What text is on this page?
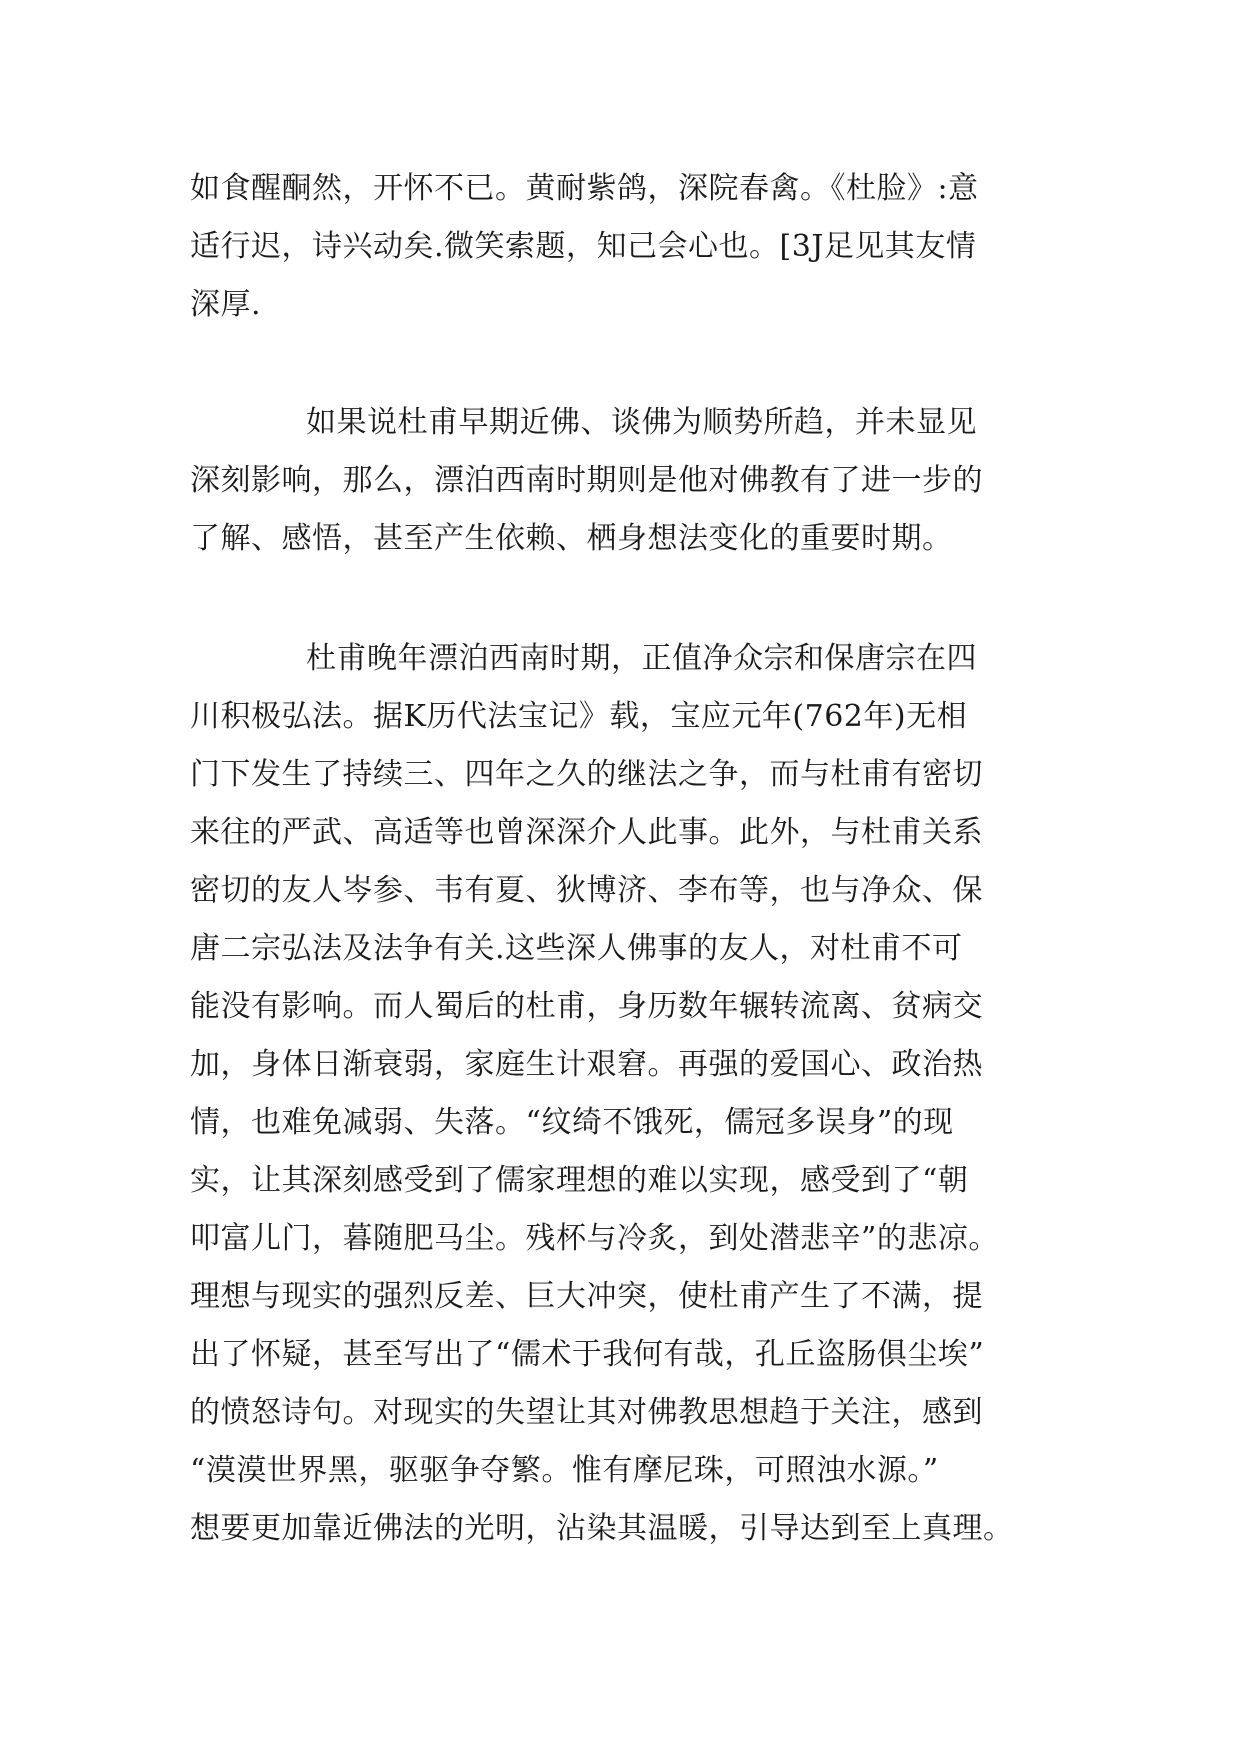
如食醒酮然，开怀不已。黄耐紫鸽，深院春禽。《杜脸》:意
适行迟，诗兴动矣.微笑索题，知己会心也。[3J足见其友情
深厚.
如果说杜甫早期近佛、谈佛为顺势所趋，并未显见
深刻影响，那么，漂泊西南时期则是他对佛教有了进一步的
了解、感悟，甚至产生依赖、栖身想法变化的重要时期。
杜甫晚年漂泊西南时期，正值净众宗和保唐宗在四
川积极弘法。据K历代法宝记》载，宝应元年(762年)无相
门下发生了持续三、四年之久的继法之争，而与杜甫有密切
来往的严武、高适等也曾深深介人此事。此外，与杜甫关系
密切的友人岑参、韦有夏、狄博济、李布等，也与净众、保
唐二宗弘法及法争有关.这些深人佛事的友人，对杜甫不可
能没有影响。而人蜀后的杜甫，身历数年辗转流离、贫病交
加，身体日渐衰弱，家庭生计艰窘。再强的爱国心、政治热
情，也难免减弱、失落。“纹绮不饿死，儒冠多误身”的现
实，让其深刻感受到了儒家理想的难以实现，感受到了“朝
叩富儿门，暮随肥马尘。残杯与冷炙，到处潜悲辛”的悲凉。
理想与现实的强烈反差、巨大冲突，使杜甫产生了不满，提
出了怀疑，甚至写出了“儒术于我何有哉，孔丘盗肠俱尘埃”
的愤怒诗句。对现实的失望让其对佛教思想趋于关注，感到
“漠漠世界黑，驱驱争夺繁。惟有摩尼珠，可照浊水源。”
想要更加靠近佛法的光明，沾染其温暖，引导达到至上真理。
